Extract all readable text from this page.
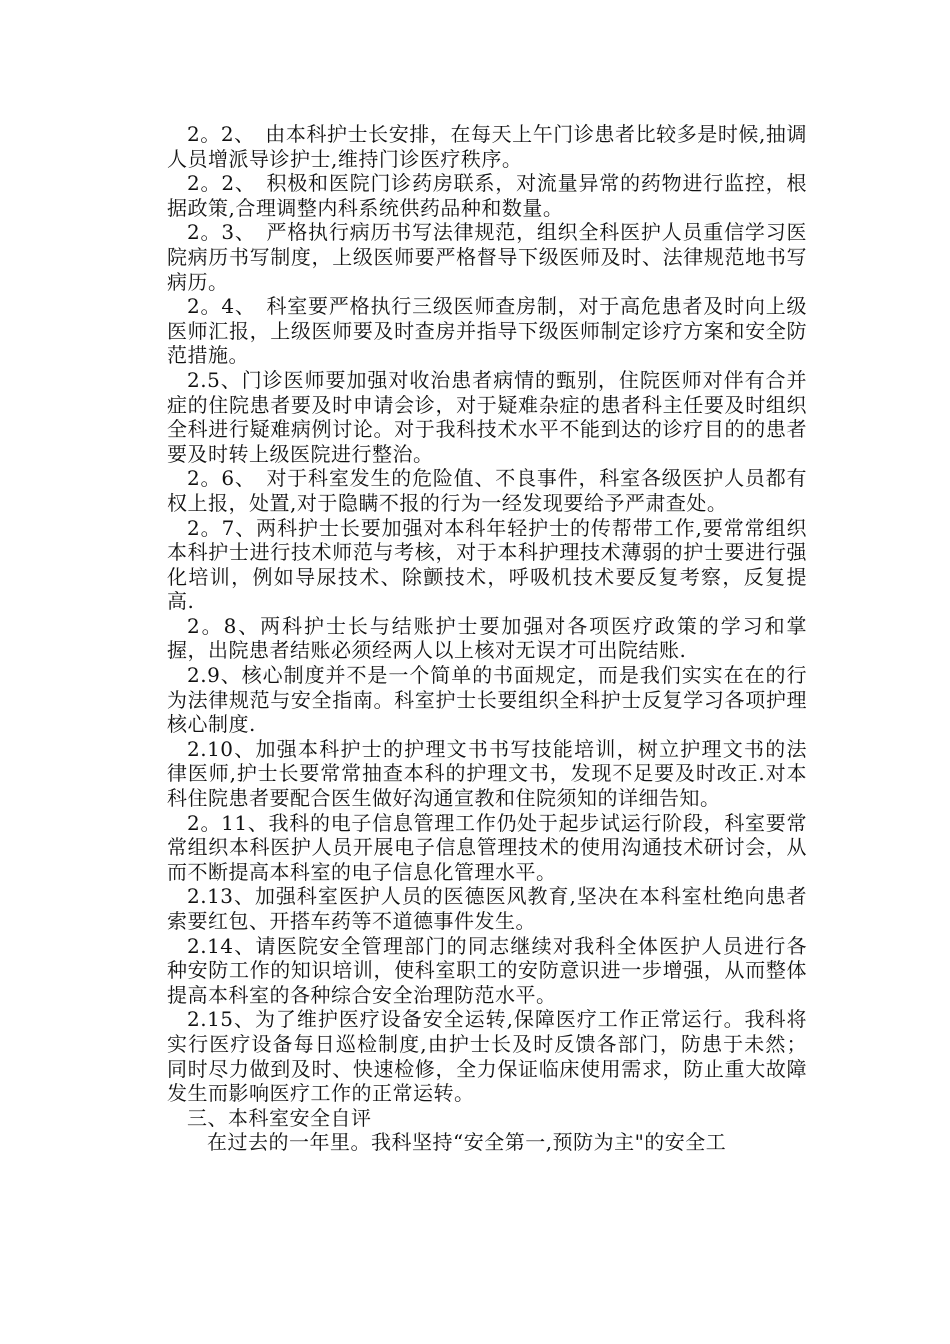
2。2、　由本科护士长安排，在每天上午门诊患者比较多是时候,抽调人员增派导诊护士,维持门诊医疗秩序。

2。2、　积极和医院门诊药房联系，对流量异常的药物进行监控，根据政策,合理调整内科系统供药品种和数量。

2。3、　严格执行病历书写法律规范，组织全科医护人员重信学习医院病历书写制度，上级医师要严格督导下级医师及时、法律规范地书写病历。

2。4、　科室要严格执行三级医师查房制，对于高危患者及时向上级医师汇报，上级医师要及时查房并指导下级医师制定诊疗方案和安全防范措施。

2.5、门诊医师要加强对收治患者病情的甄别，住院医师对伴有合并症的住院患者要及时申请会诊，对于疑难杂症的患者科主任要及时组织全科进行疑难病例讨论。对于我科技术水平不能到达的诊疗目的的患者要及时转上级医院进行整治。

2。6、　对于科室发生的危险值、不良事件，科室各级医护人员都有权上报，处置,对于隐瞒不报的行为一经发现要给予严肃查处。

2。7、两科护士长要加强对本科年轻护士的传帮带工作,要常常组织本科护士进行技术师范与考核，对于本科护理技术薄弱的护士要进行强化培训，例如导尿技术、除颤技术，呼吸机技术要反复考察，反复提高.

2。8、两科护士长与结账护士要加强对各项医疗政策的学习和掌握，出院患者结账必须经两人以上核对无误才可出院结账.

2.9、核心制度并不是一个简单的书面规定，而是我们实实在在的行为法律规范与安全指南。科室护士长要组织全科护士反复学习各项护理核心制度.

2.10、加强本科护士的护理文书书写技能培训，树立护理文书的法律医师,护士长要常常抽查本科的护理文书，发现不足要及时改正.对本科住院患者要配合医生做好沟通宣教和住院须知的详细告知。

2。11、我科的电子信息管理工作仍处于起步试运行阶段，科室要常常组织本科医护人员开展电子信息管理技术的使用沟通技术研讨会，从而不断提高本科室的电子信息化管理水平。

2.13、加强科室医护人员的医德医风教育,坚决在本科室杜绝向患者索要红包、开搭车药等不道德事件发生。

2.14、请医院安全管理部门的同志继续对我科全体医护人员进行各种安防工作的知识培训，使科室职工的安防意识进一步增强，从而整体提高本科室的各种综合安全治理防范水平。

2.15、为了维护医疗设备安全运转,保障医疗工作正常运行。我科将实行医疗设备每日巡检制度,由护士长及时反馈各部门，防患于未然；同时尽力做到及时、快速检修，全力保证临床使用需求，防止重大故障发生而影响医疗工作的正常运转。

三、本科室安全自评

在过去的一年里。我科坚持“安全第一,预防为主"的安全工
